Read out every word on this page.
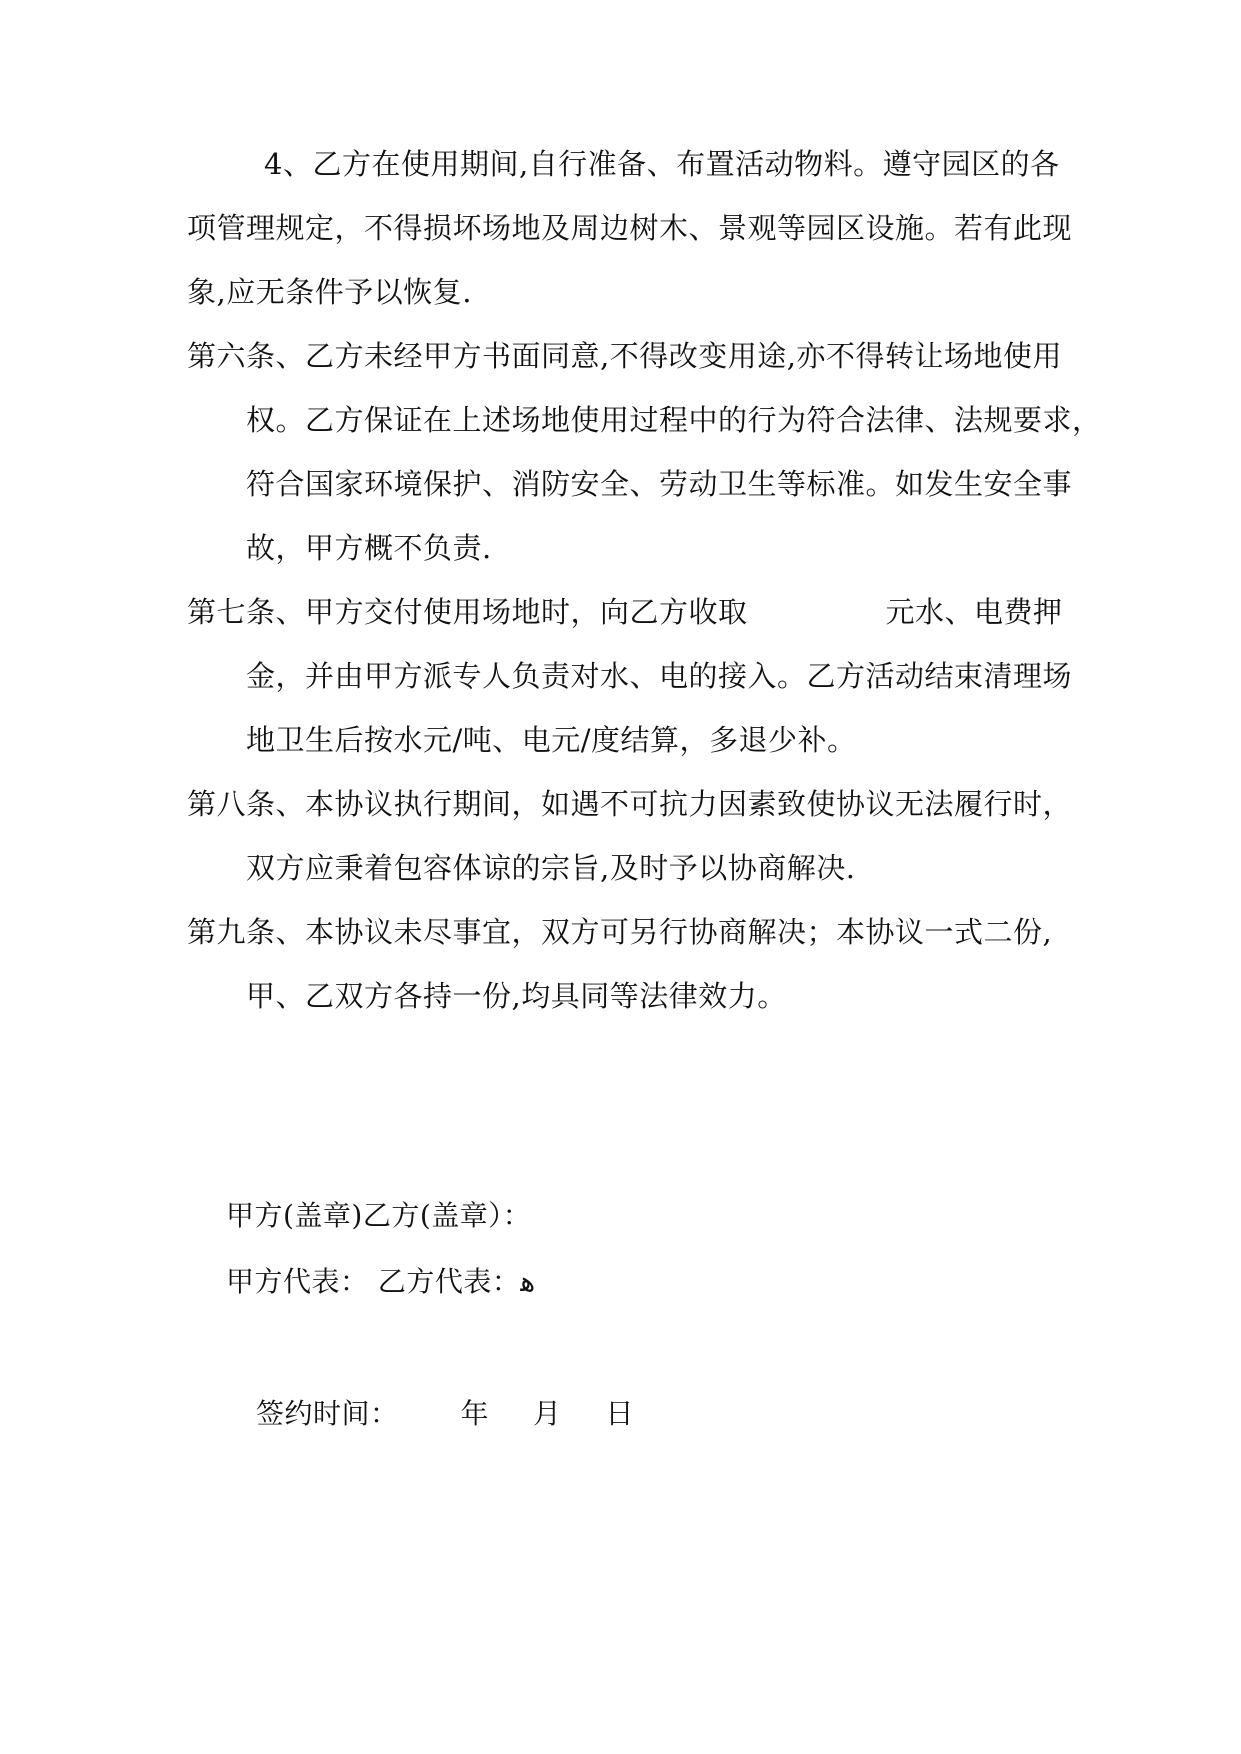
4、乙方在使用期间,自行准备、布置活动物料。遵守园区的各
项管理规定，不得损坏场地及周边树木、景观等园区设施。若有此现
象,应无条件予以恢复.
第六条、乙方未经甲方书面同意,不得改变用途,亦不得转让场地使用
权。乙方保证在上述场地使用过程中的行为符合法律、法规要求，
符合国家环境保护、消防安全、劳动卫生等标准。如发生安全事
故，甲方概不负责.
第七条、甲方交付使用场地时，向乙方收取	元水、电费押
金，并由甲方派专人负责对水、电的接入。乙方活动结束清理场
地卫生后按水元/吨、电元/度结算，多退少补。
第八条、本协议执行期间，如遇不可抗力因素致使协议无法履行时，
双方应秉着包容体谅的宗旨,及时予以协商解决.
第九条、本协议未尽事宜，双方可另行协商解决；本协议一式二份,
甲、乙双方各持一份,均具同等法律效力。
甲方(盖章)乙方(盖章）：
甲方代表： 乙方代表：ﻫ
签约时间： 年 月 日
